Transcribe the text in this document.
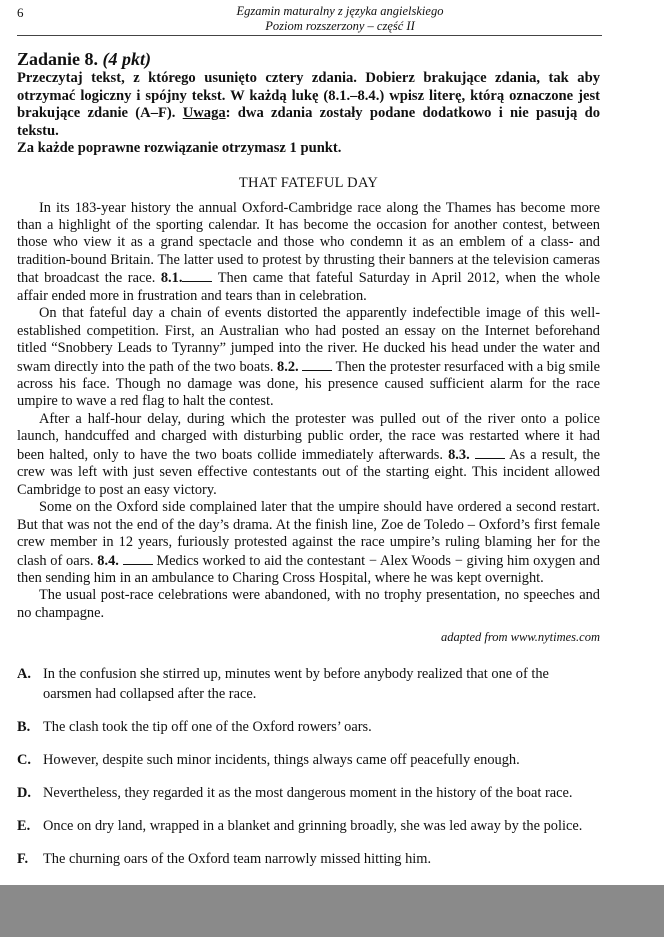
6	Egzamin maturalny z języka angielskiego
Poziom rozszerzony – część II
Zadanie 8. (4 pkt)
Przeczytaj tekst, z którego usunięto cztery zdania. Dobierz brakujące zdania, tak aby otrzymać logiczny i spójny tekst. W każdą lukę (8.1.–8.4.) wpisz literę, którą oznaczone jest brakujące zdanie (A–F). Uwaga: dwa zdania zostały podane dodatkowo i nie pasują do tekstu.
Za każde poprawne rozwiązanie otrzymasz 1 punkt.
THAT FATEFUL DAY

In its 183-year history the annual Oxford-Cambridge race along the Thames has become more than a highlight of the sporting calendar. It has become the occasion for another contest, between those who view it as a grand spectacle and those who condemn it as an emblem of a class- and tradition-bound Britain. The latter used to protest by thrusting their banners at the television cameras that broadcast the race. 8.1. Then came that fateful Saturday in April 2012, when the whole affair ended more in frustration and tears than in celebration.

On that fateful day a chain of events distorted the apparently indefectible image of this well-established competition. First, an Australian who had posted an essay on the Internet beforehand titled “Snobbery Leads to Tyranny” jumped into the river. He ducked his head under the water and swam directly into the path of the two boats. 8.2.  Then the protester resurfaced with a big smile across his face. Though no damage was done, his presence caused sufficient alarm for the race umpire to wave a red flag to halt the contest.

After a half-hour delay, during which the protester was pulled out of the river onto a police launch, handcuffed and charged with disturbing public order, the race was restarted where it had been halted, only to have the two boats collide immediately afterwards. 8.3.  As a result, the crew was left with just seven effective contestants out of the starting eight. This incident allowed Cambridge to post an easy victory.

Some on the Oxford side complained later that the umpire should have ordered a second restart. But that was not the end of the day’s drama. At the finish line, Zoe de Toledo – Oxford’s first female crew member in 12 years, furiously protested against the race umpire’s ruling blaming her for the clash of oars. 8.4.  Medics worked to aid the contestant − Alex Woods − giving him oxygen and then sending him in an ambulance to Charing Cross Hospital, where he was kept overnight.

The usual post-race celebrations were abandoned, with no trophy presentation, no speeches and no champagne.

adapted from www.nytimes.com
A. In the confusion she stirred up, minutes went by before anybody realized that one of the oarsmen had collapsed after the race.
B. The clash took the tip off one of the Oxford rowers’ oars.
C. However, despite such minor incidents, things always came off peacefully enough.
D. Nevertheless, they regarded it as the most dangerous moment in the history of the boat race.
E. Once on dry land, wrapped in a blanket and grinning broadly, she was led away by the police.
F.	The churning oars of the Oxford team narrowly missed hitting him.
